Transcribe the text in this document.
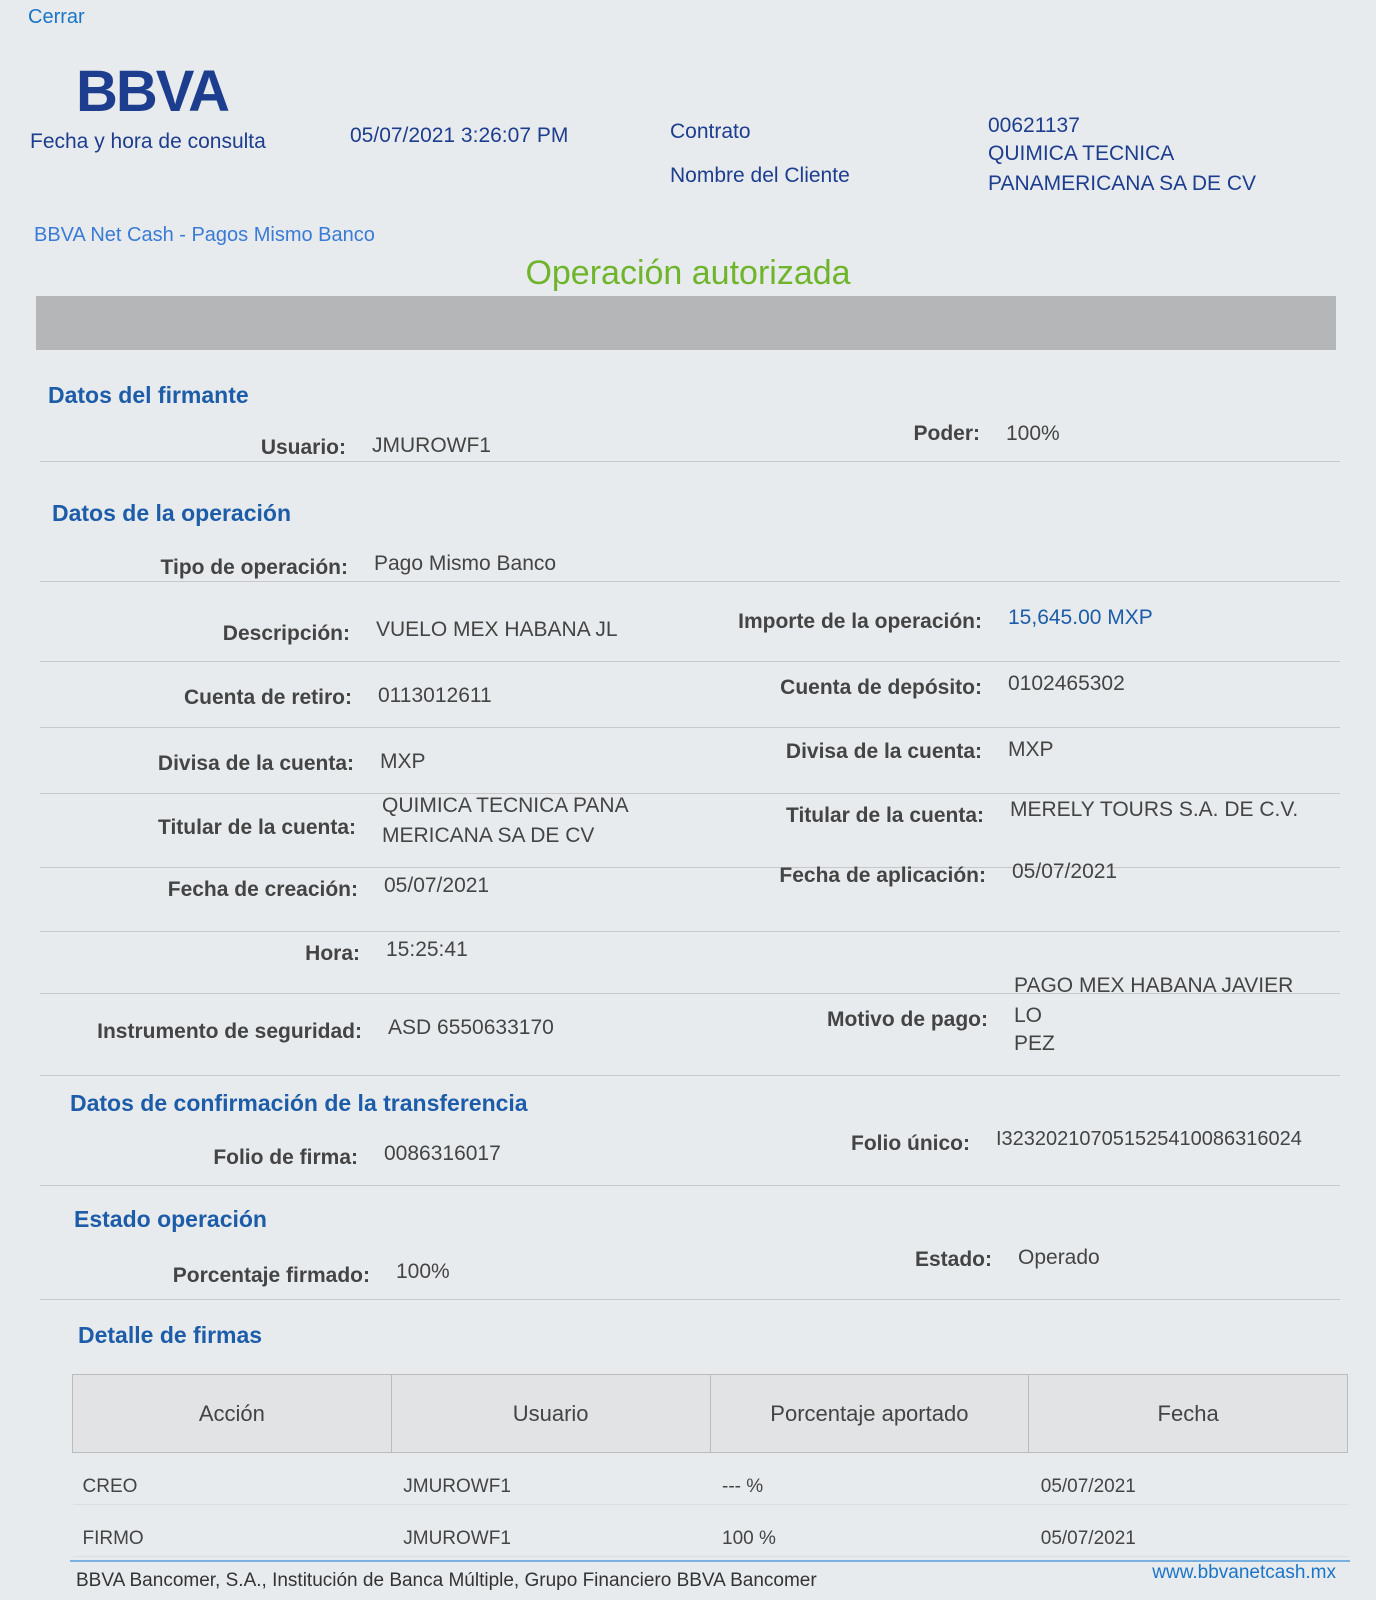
Cerrar
BBVA
Fecha y hora de consulta	05/07/2021 3:26:07 PM	Contrato	00621137
Nombre del Cliente
QUIMICA TECNICA
PANAMERICANA SA DE CV
BBVA Net Cash - Pagos Mismo Banco
Operación autorizada
Datos del firmante
Usuario: JMUROWF1
Poder: 100%
Datos de la operación
Tipo de operación: Pago Mismo Banco
Descripción: VUELO MEX HABANA JL	Importe de la operación: 15,645.00 MXP
Cuenta de retiro: 0113012611	Cuenta de depósito: 0102465302
Divisa de la cuenta: MXP	Divisa de la cuenta: MXP
Titular de la cuenta:
QUIMICA TECNICA PANA
MERICANA SA DE CV
Titular de la cuenta: MERELY TOURS S.A. DE C.V.
Fecha de creación: 05/07/2021	Fecha de aplicación: 05/07/2021
Hora: 15:25:41
Instrumento de seguridad: ASD 6550633170	Motivo de pago:
PAGO MEX HABANA JAVIER
LO
PEZ
Datos de confirmación de la transferencia
Folio de firma: 0086316017	Folio único: I3232021070515254100863160​24
Estado operación
Porcentaje firmado: 100%
Estado: Operado
Detalle de firmas
Acción	Usuario	Porcentaje aportado	Fecha
CREO	JMUROWF1	--- %	05/07/2021
FIRMO	JMUROWF1	100 %	05/07/2021
BBVA Bancomer, S.A., Institución de Banca Múltiple, Grupo Financiero BBVA Bancomer	www.bbvanetcash.mx
